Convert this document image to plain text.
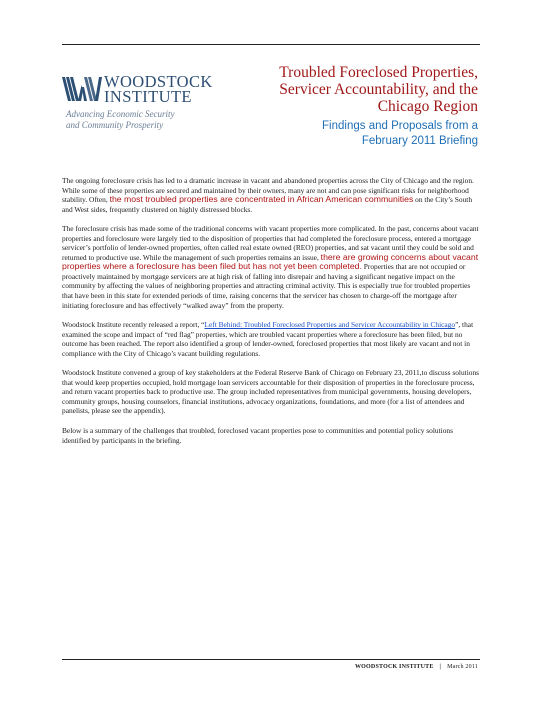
WOODSTOCK
INSTITUTE
Advancing Economic Security
and Community Prosperity
Troubled Foreclosed Properties,
Servicer Accountability, and the
Chicago Region
Findings and Proposals from a
February 2011 Briefing

The ongoing foreclosure crisis has led to a dramatic increase in vacant and abandoned properties across the City of Chicago and the region. While some of these properties are secured and maintained by their owners, many are not and can pose significant risks for neighborhood stability. Often, the most troubled properties are concentrated in African American communities on the City’s South and West sides, frequently clustered on highly distressed blocks.

The foreclosure crisis has made some of the traditional concerns with vacant properties more complicated. In the past, concerns about vacant properties and foreclosure were largely tied to the disposition of properties that had completed the foreclosure process, entered a mortgage servicer’s portfolio of lender-owned properties, often called real estate owned (REO) properties, and sat vacant until they could be sold and returned to productive use. While the management of such properties remains an issue, there are growing concerns about vacant properties where a foreclosure has been filed but has not yet been completed. Properties that are not occupied or proactively maintained by mortgage servicers are at high risk of falling into disrepair and having a significant negative impact on the community by affecting the values of neighboring properties and attracting criminal activity. This is especially true for troubled properties that have been in this state for extended periods of time, raising concerns that the servicer has chosen to charge-off the mortgage after initiating foreclosure and has effectively “walked away” from the property.

Woodstock Institute recently released a report, “Left Behind: Troubled Foreclosed Properties and Servicer Accountability in Chicago”, that examined the scope and impact of “red flag” properties, which are troubled vacant properties where a foreclosure has been filed, but no outcome has been reached. The report also identified a group of lender-owned, foreclosed properties that most likely are vacant and not in compliance with the City of Chicago’s vacant building regulations.

Woodstock Institute convened a group of key stakeholders at the Federal Reserve Bank of Chicago on February 23, 2011,to discuss solutions that would keep properties occupied, hold mortgage loan servicers accountable for their disposition of properties in the foreclosure process, and return vacant properties back to productive use. The group included representatives from municipal governments, housing developers, community groups, housing counselors, financial institutions, advocacy organizations, foundations, and more (for a list of attendees and panelists, please see the appendix).

Below is a summary of the challenges that troubled, foreclosed vacant properties pose to communities and potential policy solutions identified by participants in the briefing.

WOODSTOCK INSTITUTE | March 2011
